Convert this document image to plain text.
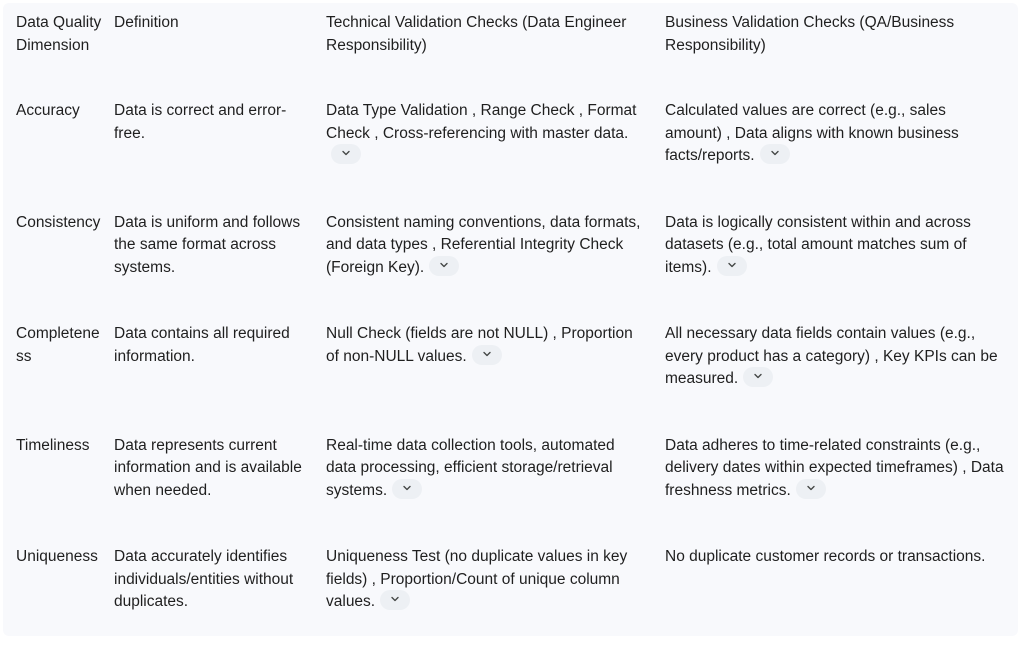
Data Quality Dimension	Definition	Technical Validation Checks (Data Engineer Responsibility)	Business Validation Checks (QA/Business Responsibility)
Accuracy	Data is correct and error-free.	Data Type Validation , Range Check , Format Check , Cross-referencing with master data.	Calculated values are correct (e.g., sales amount) , Data aligns with known business facts/reports.

Consistency	Data is uniform and follows the same format across systems.	Consistent naming conventions, data formats, and data types , Referential Integrity Check (Foreign Key).	Data is logically consistent within and across datasets (e.g., total amount matches sum of items).

Completeness	Data contains all required information.	Null Check (fields are not NULL) , Proportion of non-NULL values.	All necessary data fields contain values (e.g., every product has a category) , Key KPIs can be measured.

Timeliness	Data represents current information and is available when needed.	Real-time data collection tools, automated data processing, efficient storage/retrieval systems.	Data adheres to time-related constraints (e.g., delivery dates within expected timeframes) , Data freshness metrics.

Uniqueness	Data accurately identifies individuals/entities without duplicates.	Uniqueness Test (no duplicate values in key fields) , Proportion/Count of unique column values.	No duplicate customer records or transactions.
